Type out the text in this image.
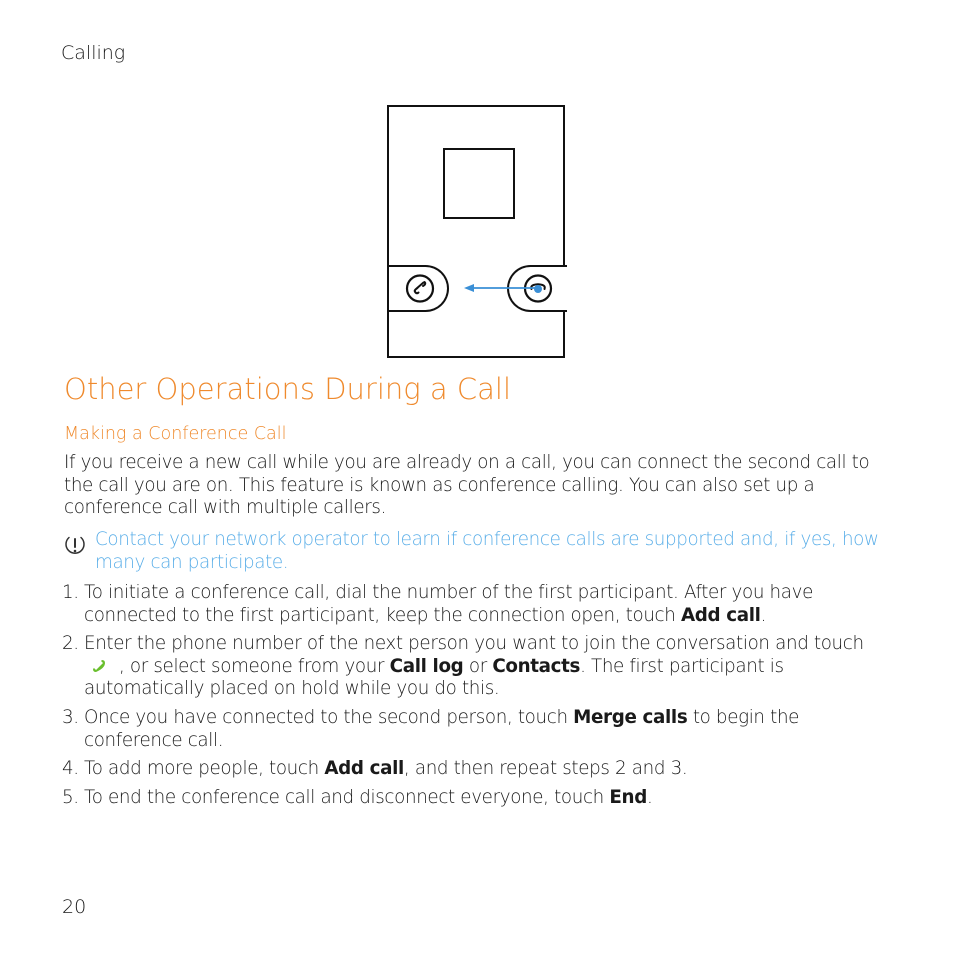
Calling
Other Operations During a Call
Making a Conference Call
If you receive a new call while you are already on a call, you can connect the second call to the call you are on. This feature is known as conference calling. You can also set up a conference call with multiple callers.
Contact your network operator to learn if conference calls are supported and, if yes, how many can participate.
1. To initiate a conference call, dial the number of the first participant. After you have connected to the first participant, keep the connection open, touch Add call.
2. Enter the phone number of the next person you want to join the conversation and touch , or select someone from your Call log or Contacts. The first participant is automatically placed on hold while you do this.
3. Once you have connected to the second person, touch Merge calls to begin the conference call.
4. To add more people, touch Add call, and then repeat steps 2 and 3.
5. To end the conference call and disconnect everyone, touch End.
20
